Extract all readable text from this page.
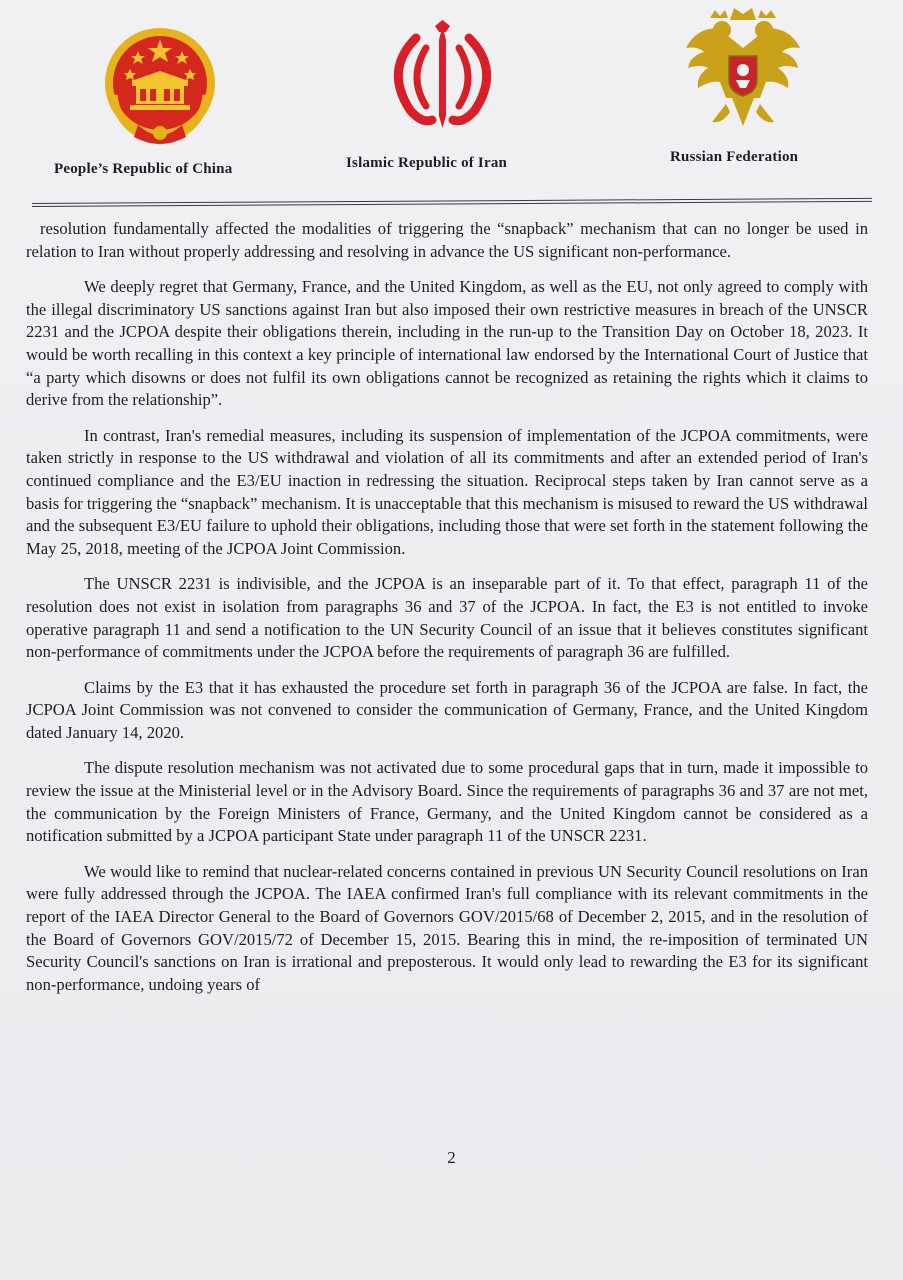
People’s Republic of China	Islamic Republic of Iran	Russian Federation

resolution fundamentally affected the modalities of triggering the “snapback” mechanism that can no longer be used in relation to Iran without properly addressing and resolving in advance the US significant non-performance.

We deeply regret that Germany, France, and the United Kingdom, as well as the EU, not only agreed to comply with the illegal discriminatory US sanctions against Iran but also imposed their own restrictive measures in breach of the UNSCR 2231 and the JCPOA despite their obligations therein, including in the run-up to the Transition Day on October 18, 2023. It would be worth recalling in this context a key principle of international law endorsed by the International Court of Justice that “a party which disowns or does not fulfil its own obligations cannot be recognized as retaining the rights which it claims to derive from the relationship”.

In contrast, Iran's remedial measures, including its suspension of implementation of the JCPOA commitments, were taken strictly in response to the US withdrawal and violation of all its commitments and after an extended period of Iran's continued compliance and the E3/EU inaction in redressing the situation. Reciprocal steps taken by Iran cannot serve as a basis for triggering the “snapback” mechanism. It is unacceptable that this mechanism is misused to reward the US withdrawal and the subsequent E3/EU failure to uphold their obligations, including those that were set forth in the statement following the May 25, 2018, meeting of the JCPOA Joint Commission.

The UNSCR 2231 is indivisible, and the JCPOA is an inseparable part of it. To that effect, paragraph 11 of the resolution does not exist in isolation from paragraphs 36 and 37 of the JCPOA. In fact, the E3 is not entitled to invoke operative paragraph 11 and send a notification to the UN Security Council of an issue that it believes constitutes significant non-performance of commitments under the JCPOA before the requirements of paragraph 36 are fulfilled.

Claims by the E3 that it has exhausted the procedure set forth in paragraph 36 of the JCPOA are false. In fact, the JCPOA Joint Commission was not convened to consider the communication of Germany, France, and the United Kingdom dated January 14, 2020.

The dispute resolution mechanism was not activated due to some procedural gaps that in turn, made it impossible to review the issue at the Ministerial level or in the Advisory Board. Since the requirements of paragraphs 36 and 37 are not met, the communication by the Foreign Ministers of France, Germany, and the United Kingdom cannot be considered as a notification submitted by a JCPOA participant State under paragraph 11 of the UNSCR 2231.

We would like to remind that nuclear-related concerns contained in previous UN Security Council resolutions on Iran were fully addressed through the JCPOA. The IAEA confirmed Iran's full compliance with its relevant commitments in the report of the IAEA Director General to the Board of Governors GOV/2015/68 of December 2, 2015, and in the resolution of the Board of Governors GOV/2015/72 of December 15, 2015. Bearing this in mind, the re-imposition of terminated UN Security Council's sanctions on Iran is irrational and preposterous. It would only lead to rewarding the E3 for its significant non-performance, undoing years of

2
